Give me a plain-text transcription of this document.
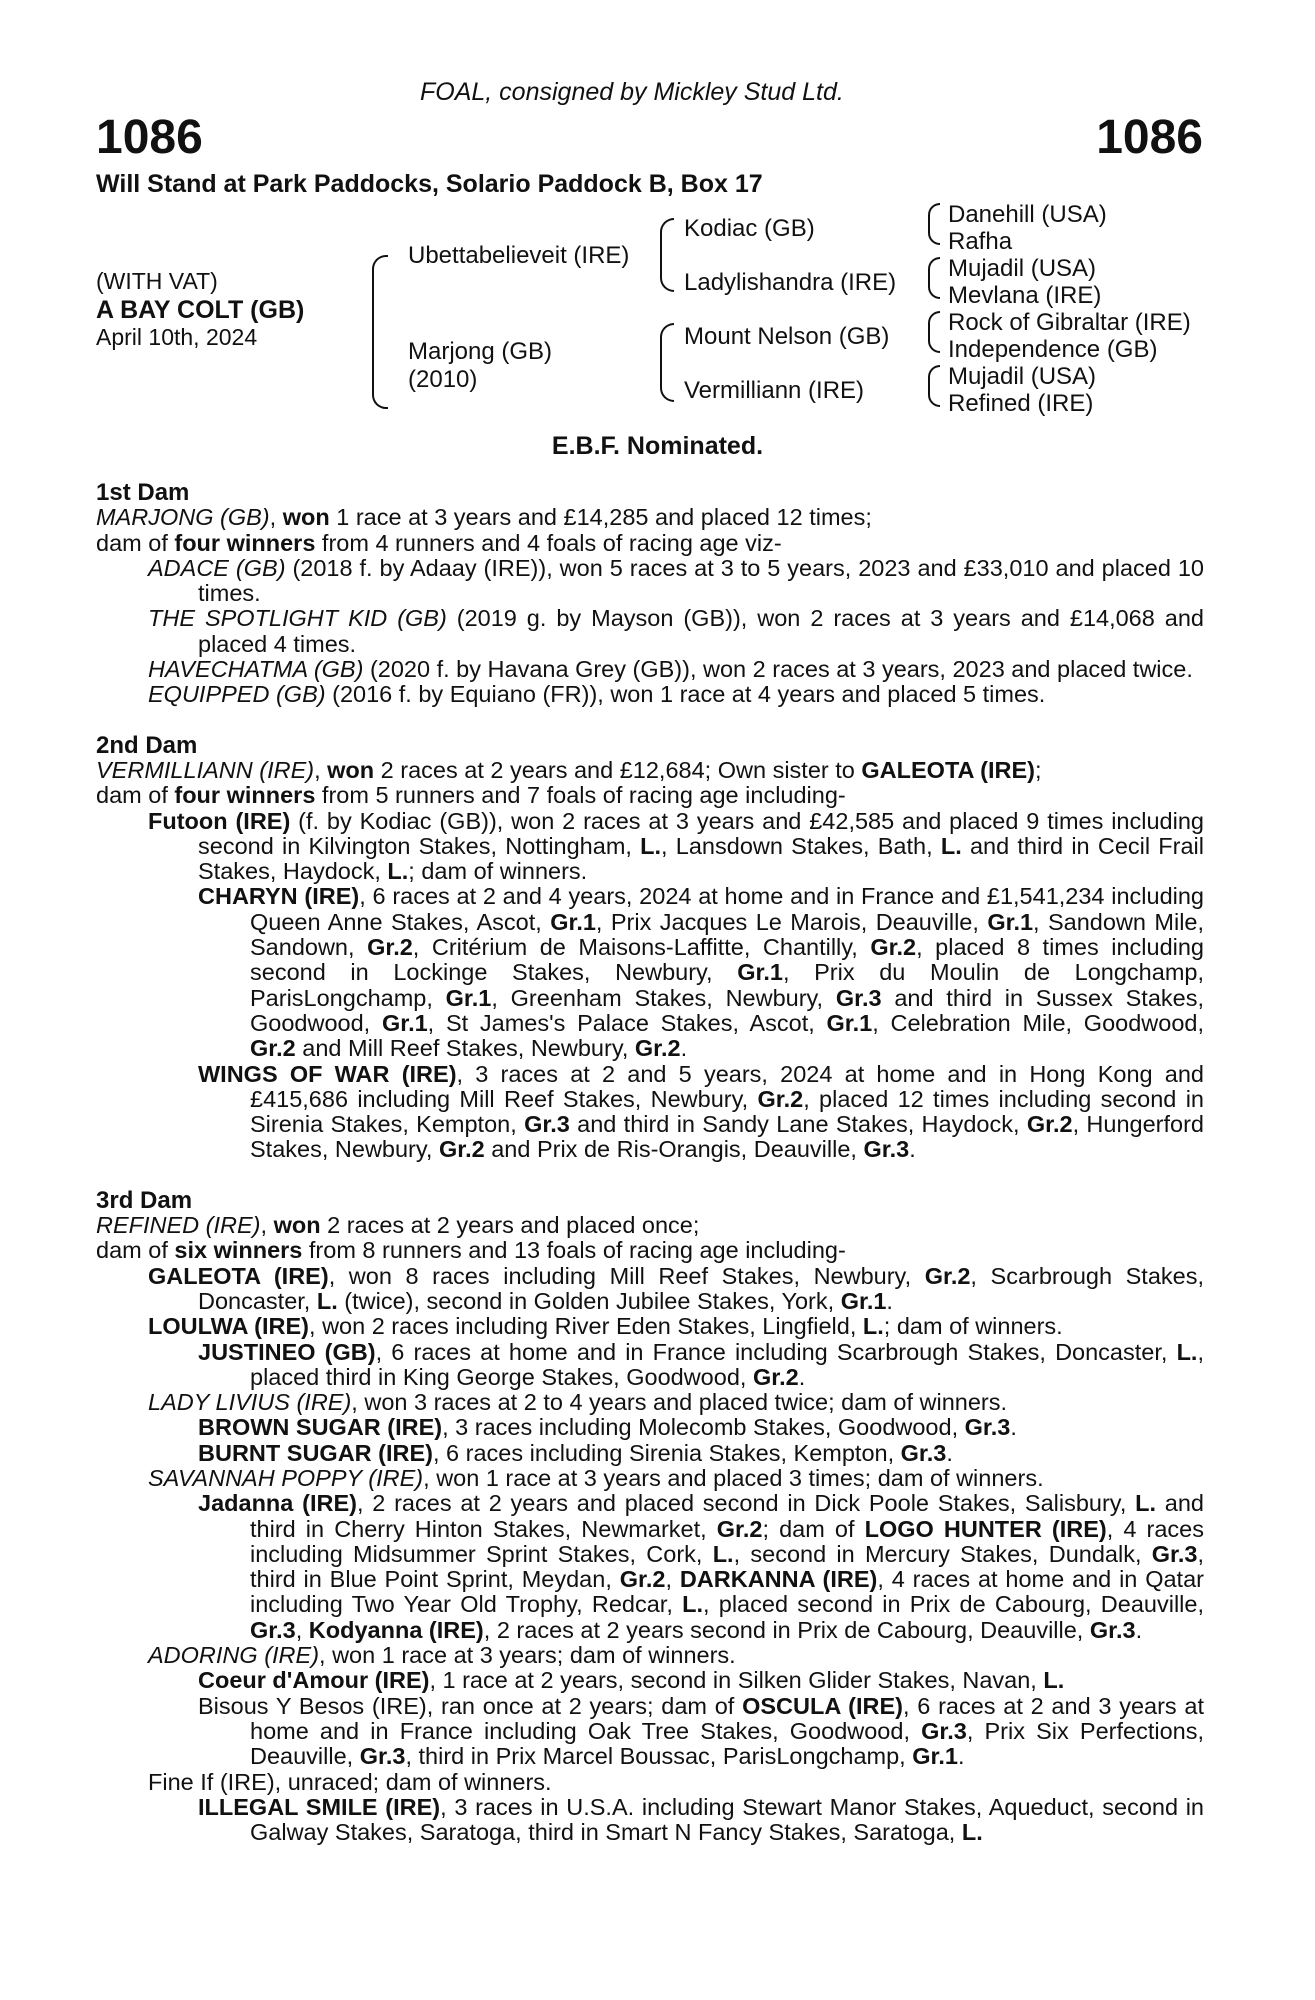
FOAL, consigned by Mickley Stud Ltd.
1086	1086
Will Stand at Park Paddocks, Solario Paddock B, Box 17
(WITH VAT)
A BAY COLT (GB)
April 10th, 2024
Ubettabelieveit (IRE)
Marjong (GB)
(2010)
Kodiac (GB)
Ladylishandra (IRE)
Mount Nelson (GB)
Vermilliann (IRE)
Danehill (USA)
Rafha
Mujadil (USA)
Mevlana (IRE)
Rock of Gibraltar (IRE)
Independence (GB)
Mujadil (USA)
Refined (IRE)
E.B.F. Nominated.
1st Dam

MARJONG (GB), won 1 race at 3 years and £14,285 and placed 12 times;

dam of four winners from 4 runners and 4 foals of racing age viz-

ADACE (GB) (2018 f. by Adaay (IRE)), won 5 races at 3 to 5 years, 2023 and £33,010 and placed 10 times.

THE SPOTLIGHT KID (GB) (2019 g. by Mayson (GB)), won 2 races at 3 years and £14,068 and placed 4 times.

HAVECHATMA (GB) (2020 f. by Havana Grey (GB)), won 2 races at 3 years, 2023 and placed twice.

EQUIPPED (GB) (2016 f. by Equiano (FR)), won 1 race at 4 years and placed 5 times.

2nd Dam

VERMILLIANN (IRE), won 2 races at 2 years and £12,684; Own sister to GALEOTA (IRE);

dam of four winners from 5 runners and 7 foals of racing age including-

Futoon (IRE) (f. by Kodiac (GB)), won 2 races at 3 years and £42,585 and placed 9 times including second in Kilvington Stakes, Nottingham, L., Lansdown Stakes, Bath, L. and third in Cecil Frail Stakes, Haydock, L.; dam of winners.

CHARYN (IRE), 6 races at 2 and 4 years, 2024 at home and in France and £1,541,234 including Queen Anne Stakes, Ascot, Gr.1, Prix Jacques Le Marois, Deauville, Gr.1, Sandown Mile, Sandown, Gr.2, Critérium de Maisons-Laffitte, Chantilly, Gr.2, placed 8 times including second in Lockinge Stakes, Newbury, Gr.1, Prix du Moulin de Longchamp, ParisLongchamp, Gr.1, Greenham Stakes, Newbury, Gr.3 and third in Sussex Stakes, Goodwood, Gr.1, St James's Palace Stakes, Ascot, Gr.1, Celebration Mile, Goodwood, Gr.2 and Mill Reef Stakes, Newbury, Gr.2.

WINGS OF WAR (IRE), 3 races at 2 and 5 years, 2024 at home and in Hong Kong and £415,686 including Mill Reef Stakes, Newbury, Gr.2, placed 12 times including second in Sirenia Stakes, Kempton, Gr.3 and third in Sandy Lane Stakes, Haydock, Gr.2, Hungerford Stakes, Newbury, Gr.2 and Prix de Ris-Orangis, Deauville, Gr.3.

3rd Dam

REFINED (IRE), won 2 races at 2 years and placed once;

dam of six winners from 8 runners and 13 foals of racing age including-

GALEOTA (IRE), won 8 races including Mill Reef Stakes, Newbury, Gr.2, Scarbrough Stakes, Doncaster, L. (twice), second in Golden Jubilee Stakes, York, Gr.1.

LOULWA (IRE), won 2 races including River Eden Stakes, Lingfield, L.; dam of winners.

JUSTINEO (GB), 6 races at home and in France including Scarbrough Stakes, Doncaster, L., placed third in King George Stakes, Goodwood, Gr.2.

LADY LIVIUS (IRE), won 3 races at 2 to 4 years and placed twice; dam of winners.

BROWN SUGAR (IRE), 3 races including Molecomb Stakes, Goodwood, Gr.3.

BURNT SUGAR (IRE), 6 races including Sirenia Stakes, Kempton, Gr.3.

SAVANNAH POPPY (IRE), won 1 race at 3 years and placed 3 times; dam of winners.

Jadanna (IRE), 2 races at 2 years and placed second in Dick Poole Stakes, Salisbury, L. and third in Cherry Hinton Stakes, Newmarket, Gr.2; dam of LOGO HUNTER (IRE), 4 races including Midsummer Sprint Stakes, Cork, L., second in Mercury Stakes, Dundalk, Gr.3, third in Blue Point Sprint, Meydan, Gr.2, DARKANNA (IRE), 4 races at home and in Qatar including Two Year Old Trophy, Redcar, L., placed second in Prix de Cabourg, Deauville, Gr.3, Kodyanna (IRE), 2 races at 2 years second in Prix de Cabourg, Deauville, Gr.3.

ADORING (IRE), won 1 race at 3 years; dam of winners.

Coeur d'Amour (IRE), 1 race at 2 years, second in Silken Glider Stakes, Navan, L.

Bisous Y Besos (IRE), ran once at 2 years; dam of OSCULA (IRE), 6 races at 2 and 3 years at home and in France including Oak Tree Stakes, Goodwood, Gr.3, Prix Six Perfections, Deauville, Gr.3, third in Prix Marcel Boussac, ParisLongchamp, Gr.1.

Fine If (IRE), unraced; dam of winners.

ILLEGAL SMILE (IRE), 3 races in U.S.A. including Stewart Manor Stakes, Aqueduct, second in Galway Stakes, Saratoga, third in Smart N Fancy Stakes, Saratoga, L.
